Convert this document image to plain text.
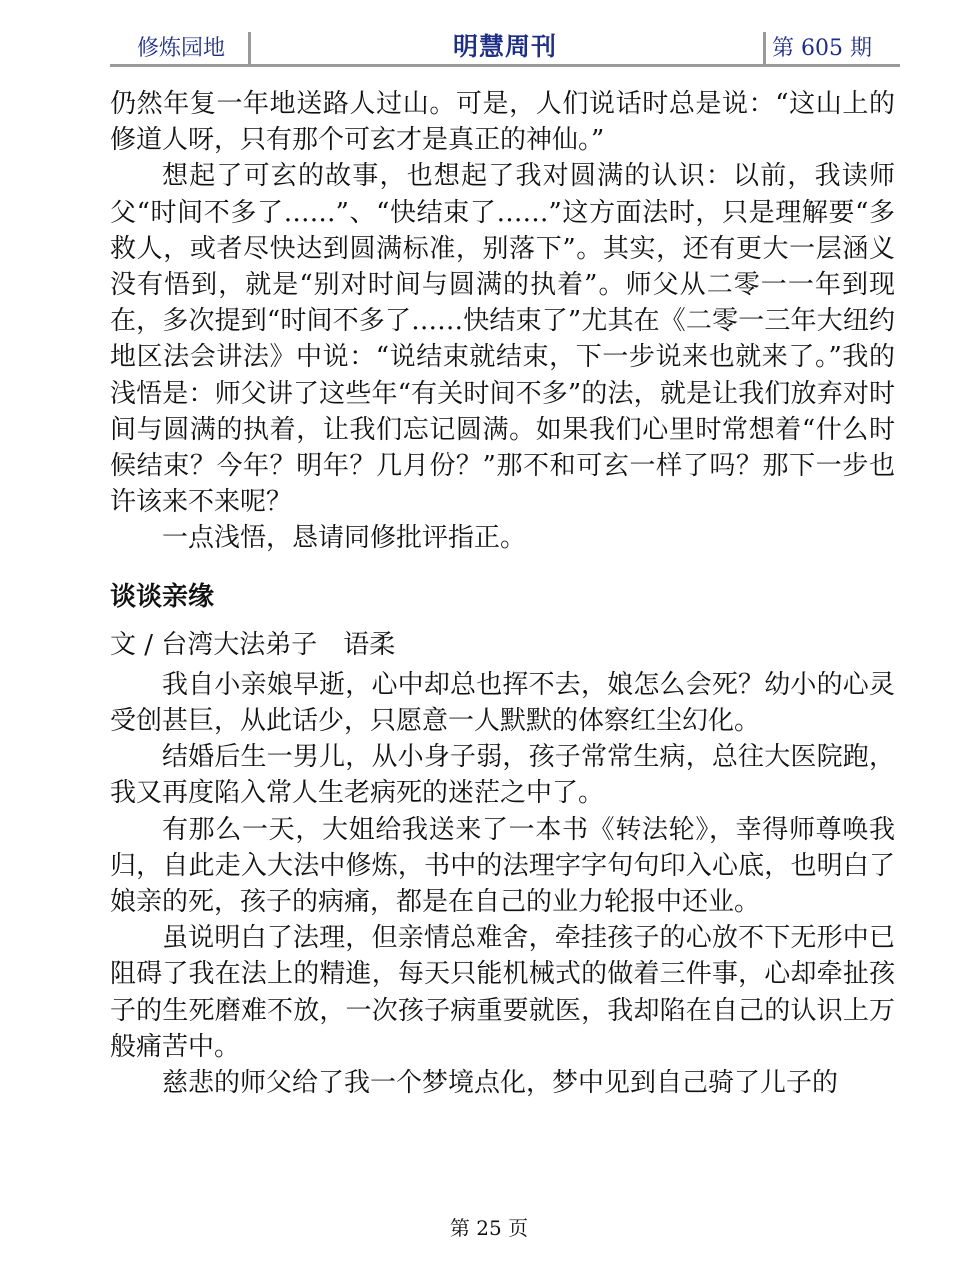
修炼园地	明慧周刊	第 605 期

仍然年复一年地送路人过山。可是，人们说话时总是说：“这山上的修道人呀，只有那个可玄才是真正的神仙。”

想起了可玄的故事，也想起了我对圆满的认识：以前，我读师父“时间不多了……”、“快结束了……”这方面法时，只是理解要“多救人，或者尽快达到圆满标准，别落下”。其实，还有更大一层涵义没有悟到，就是“别对时间与圆满的执着”。师父从二零一一年到现在，多次提到“时间不多了……快结束了”尤其在《二零一三年大纽约地区法会讲法》中说：“说结束就结束，下一步说来也就来了。”我的浅悟是：师父讲了这些年“有关时间不多”的法，就是让我们放弃对时间与圆满的执着，让我们忘记圆满。如果我们心里时常想着“什么时候结束？今年？明年？几月份？”那不和可玄一样了吗？那下一步也许该来不来呢？

一点浅悟，恳请同修批评指正。

谈谈亲缘
文 / 台湾大法弟子　语柔

我自小亲娘早逝，心中却总也挥不去，娘怎么会死？幼小的心灵受创甚巨，从此话少，只愿意一人默默的体察红尘幻化。

结婚后生一男儿，从小身子弱，孩子常常生病，总往大医院跑，我又再度陷入常人生老病死的迷茫之中了。

有那么一天，大姐给我送来了一本书《转法轮》，幸得师尊唤我归，自此走入大法中修炼，书中的法理字字句句印入心底，也明白了娘亲的死，孩子的病痛，都是在自己的业力轮报中还业。

虽说明白了法理，但亲情总难舍，牵挂孩子的心放不下无形中已阻碍了我在法上的精進，每天只能机械式的做着三件事，心却牵扯孩子的生死磨难不放，一次孩子病重要就医，我却陷在自己的认识上万般痛苦中。

慈悲的师父给了我一个梦境点化，梦中见到自己骑了儿子的

第 25 页
